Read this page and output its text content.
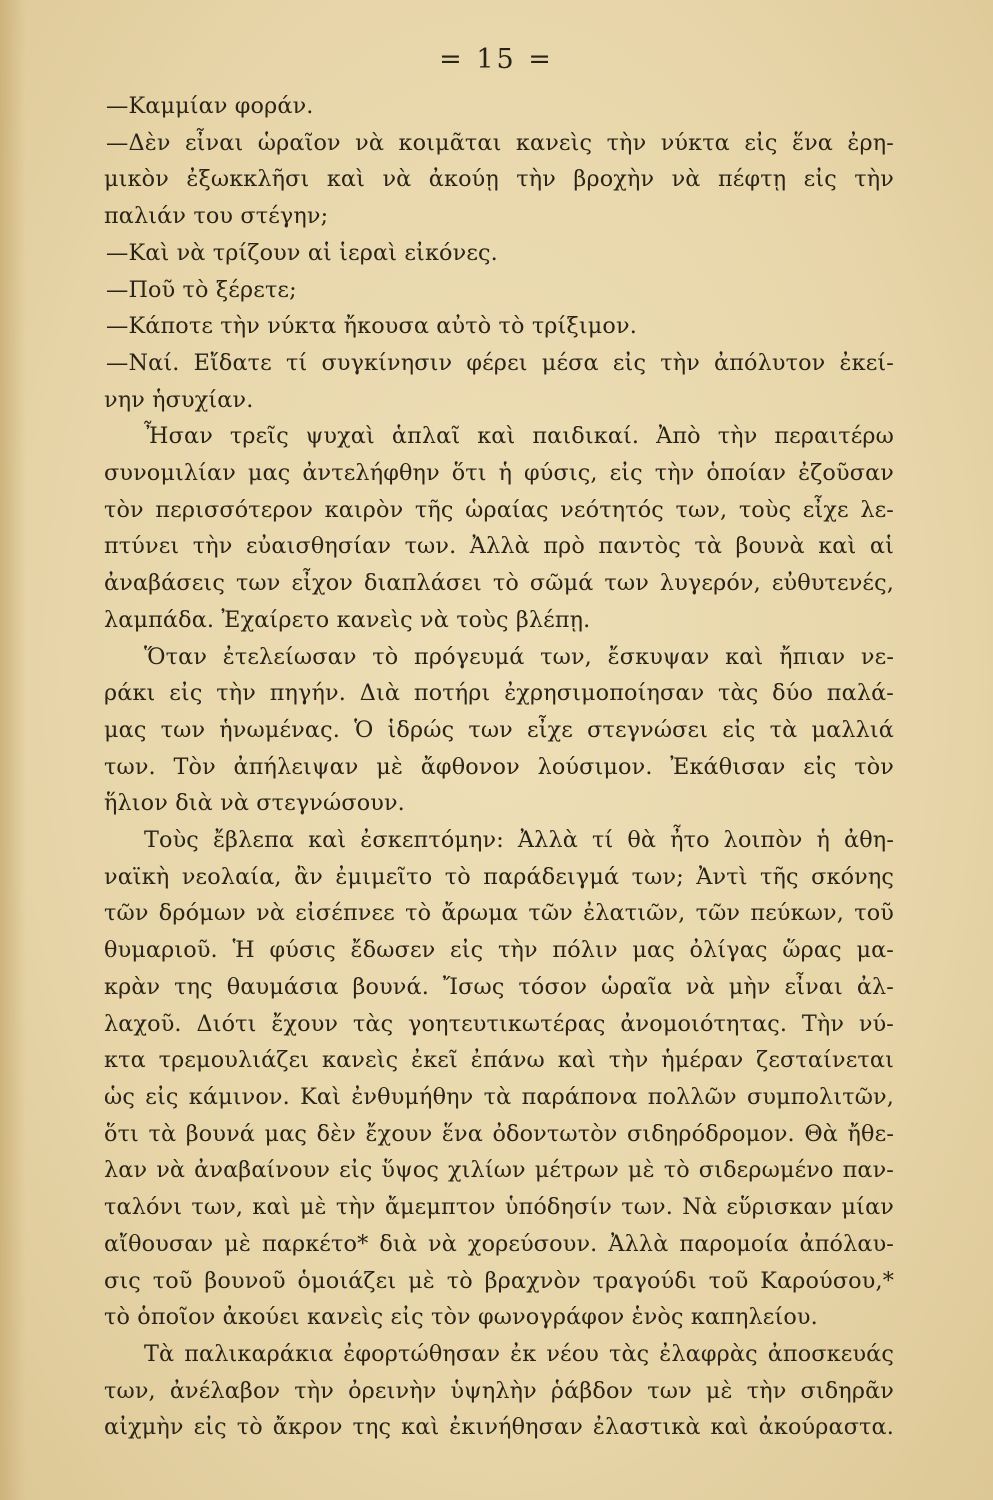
= 15 =
—Καμμίαν φοράν.
—Δὲν εἶναι ὡραῖον νὰ κοιμᾶται κανεὶς τὴν νύκτα εἰς ἕνα ἐρη-
μικὸν ἐξωκκλῆσι καὶ νὰ ἀκούῃ τὴν βροχὴν νὰ πέφτῃ εἰς τὴν
παλιάν του στέγην;
—Καὶ νὰ τρίζουν αἱ ἱεραὶ εἰκόνες.
—Ποῦ τὸ ξέρετε;
—Κάποτε τὴν νύκτα ἤκουσα αὐτὸ τὸ τρίξιμον.
—Ναί. Εἴδατε τί συγκίνησιν φέρει μέσα εἰς τὴν ἀπόλυτον ἐκεί-
νην ἡσυχίαν.
Ἦσαν τρεῖς ψυχαὶ ἁπλαῖ καὶ παιδικαί. Ἀπὸ τὴν περαιτέρω
συνομιλίαν μας ἀντελήφθην ὅτι ἡ φύσις, εἰς τὴν ὁποίαν ἐζοῦσαν
τὸν περισσότερον καιρὸν τῆς ὡραίας νεότητός των, τοὺς εἶχε λε-
πτύνει τὴν εὐαισθησίαν των. Ἀλλὰ πρὸ παντὸς τὰ βουνὰ καὶ αἱ
ἀναβάσεις των εἶχον διαπλάσει τὸ σῶμά των λυγερόν, εὐθυτενές,
λαμπάδα. Ἐχαίρετο κανεὶς νὰ τοὺς βλέπῃ.
Ὅταν ἐτελείωσαν τὸ πρόγευμά των, ἔσκυψαν καὶ ἤπιαν νε-
ράκι εἰς τὴν πηγήν. Διὰ ποτήρι ἐχρησιμοποίησαν τὰς δύο παλά-
μας των ἡνωμένας. Ὁ ἱδρώς των εἶχε στεγνώσει εἰς τὰ μαλλιά
των. Τὸν ἀπήλειψαν μὲ ἄφθονον λούσιμον. Ἐκάθισαν εἰς τὸν
ἥλιον διὰ νὰ στεγνώσουν.
Τοὺς ἔβλεπα καὶ ἐσκεπτόμην: Ἀλλὰ τί θὰ ἦτο λοιπὸν ἡ ἀθη-
ναϊκὴ νεολαία, ἂν ἐμιμεῖτο τὸ παράδειγμά των; Ἀντὶ τῆς σκόνης
τῶν δρόμων νὰ εἰσέπνεε τὸ ἄρωμα τῶν ἐλατιῶν, τῶν πεύκων, τοῦ
θυμαριοῦ. Ἡ φύσις ἔδωσεν εἰς τὴν πόλιν μας ὀλίγας ὥρας μα-
κρὰν της θαυμάσια βουνά. Ἴσως τόσον ὡραῖα νὰ μὴν εἶναι ἀλ-
λαχοῦ. Διότι ἔχουν τὰς γοητευτικωτέρας ἀνομοιότητας. Τὴν νύ-
κτα τρεμουλιάζει κανεὶς ἐκεῖ ἐπάνω καὶ τὴν ἡμέραν ζεσταίνεται
ὡς εἰς κάμινον. Καὶ ἐνθυμήθην τὰ παράπονα πολλῶν συμπολιτῶν,
ὅτι τὰ βουνά μας δὲν ἔχουν ἕνα ὀδοντωτὸν σιδηρόδρομον. Θὰ ἤθε-
λαν νὰ ἀναβαίνουν εἰς ὕψος χιλίων μέτρων μὲ τὸ σιδερωμένο παν-
ταλόνι των, καὶ μὲ τὴν ἄμεμπτον ὑπόδησίν των. Νὰ εὕρισκαν μίαν
αἴθουσαν μὲ παρκέτο* διὰ νὰ χορεύσουν. Ἀλλὰ παρομοία ἀπόλαυ-
σις τοῦ βουνοῦ ὁμοιάζει μὲ τὸ βραχνὸν τραγούδι τοῦ Καρούσου,*
τὸ ὁποῖον ἀκούει κανεὶς εἰς τὸν φωνογράφον ἑνὸς καπηλείου.
Τὰ παλικαράκια ἐφορτώθησαν ἐκ νέου τὰς ἐλαφρὰς ἀποσκευάς
των, ἀνέλαβον τὴν ὀρεινὴν ὑψηλὴν ῥάβδον των μὲ τὴν σιδηρᾶν
αἰχμὴν εἰς τὸ ἄκρον της καὶ ἐκινήθησαν ἐλαστικὰ καὶ ἀκούραστα.
